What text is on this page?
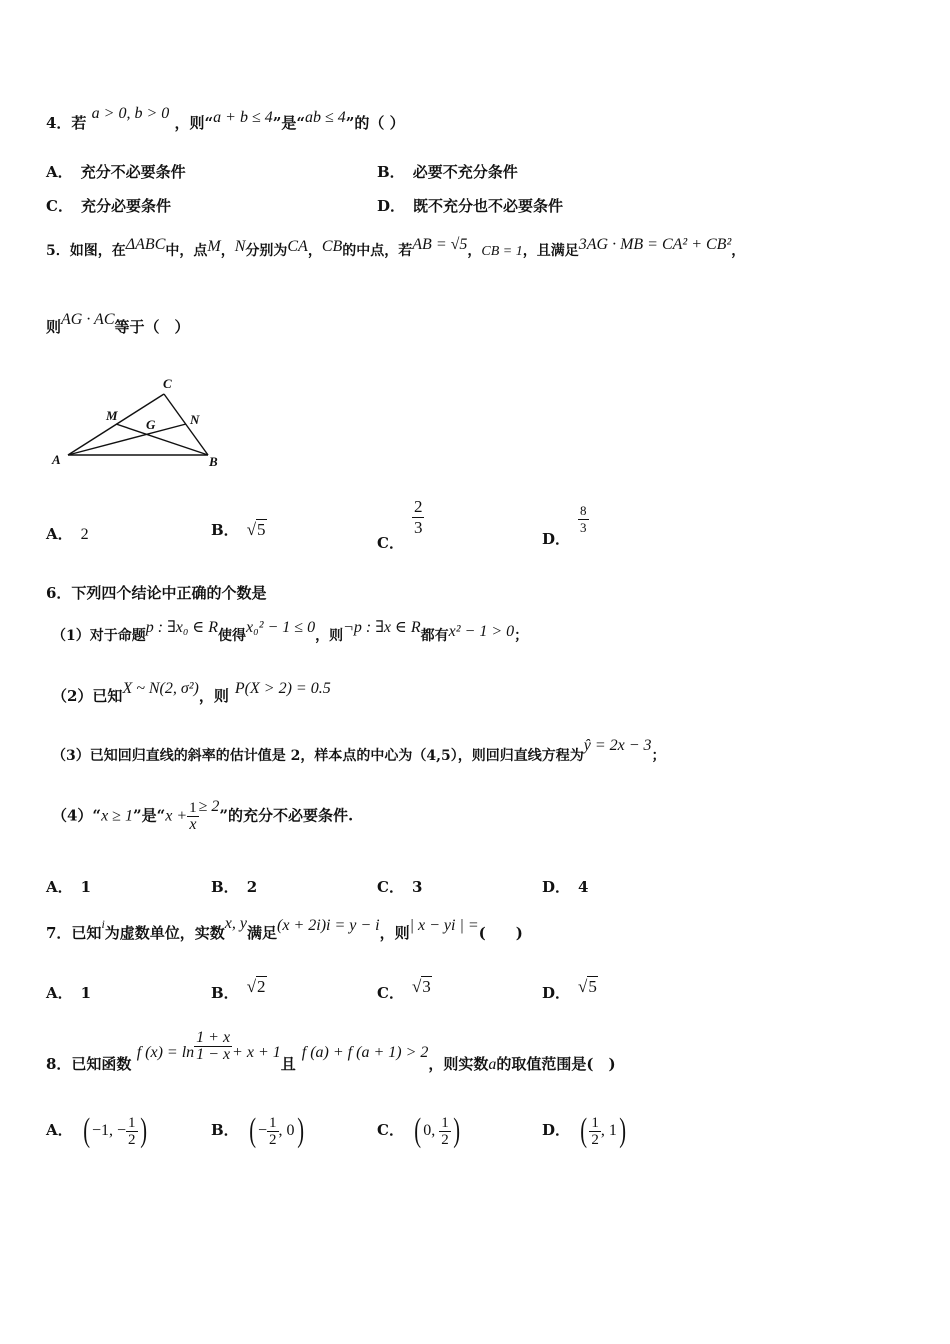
4．若 a > 0, b > 0 ，则“a + b ≤ 4”是“ab ≤ 4”的（ ）
A． 充分不必要条件	B． 必要不充分条件
C． 充分必要条件	D． 既不充分也不必要条件
5．如图，在ΔABC中，点M，N分别为CA，CB的中点，若AB = √5，CB = 1，且满足3AG · MB = CA² + CB²，
则AG · AC等于（　）
A	B
C
M	N
G
A． 2	B． √5
C．
$\frac{2}{3}$
D．
$\frac{8}{3}$
6．下列四个结论中正确的个数是
（1）对于命题p : ∃x₀ ∈ R使得x₀² − 1 ≤ 0，则¬p : ∃x ∈ R都有x² − 1 > 0；
（2）已知X ~ N(2, σ²)，则 P(X > 2) = 0.5
（3）已知回归直线的斜率的估计值是 2，样本点的中心为（4,5），则回归直线方程为ŷ = 2x − 3；
（4）“x ≥ 1”是“$x + \frac{1}{x} \ge 2$”的充分不必要条件.
A． 1	B． 2	C． 3	D． 4
7．已知$^i$为虚数单位，实数x, y满足(x + 2i)i = y − i，则| x − yi | =(　　)
A． 1	B． √2	C． √3	D． √5
8．已知函数 f $(x) = \ln \frac{1 + x}{1 - x} + x + 1$且f (a) + f (a + 1) > 2，则实数a的取值范围是(　)
A． ( −1, − $\frac{1}{2}$ )	B． ( − $\frac{1}{2}$ , 0)	C． ( 0, $\frac{1}{2}$ )	D． ( $\frac{1}{2}$ , 1)
